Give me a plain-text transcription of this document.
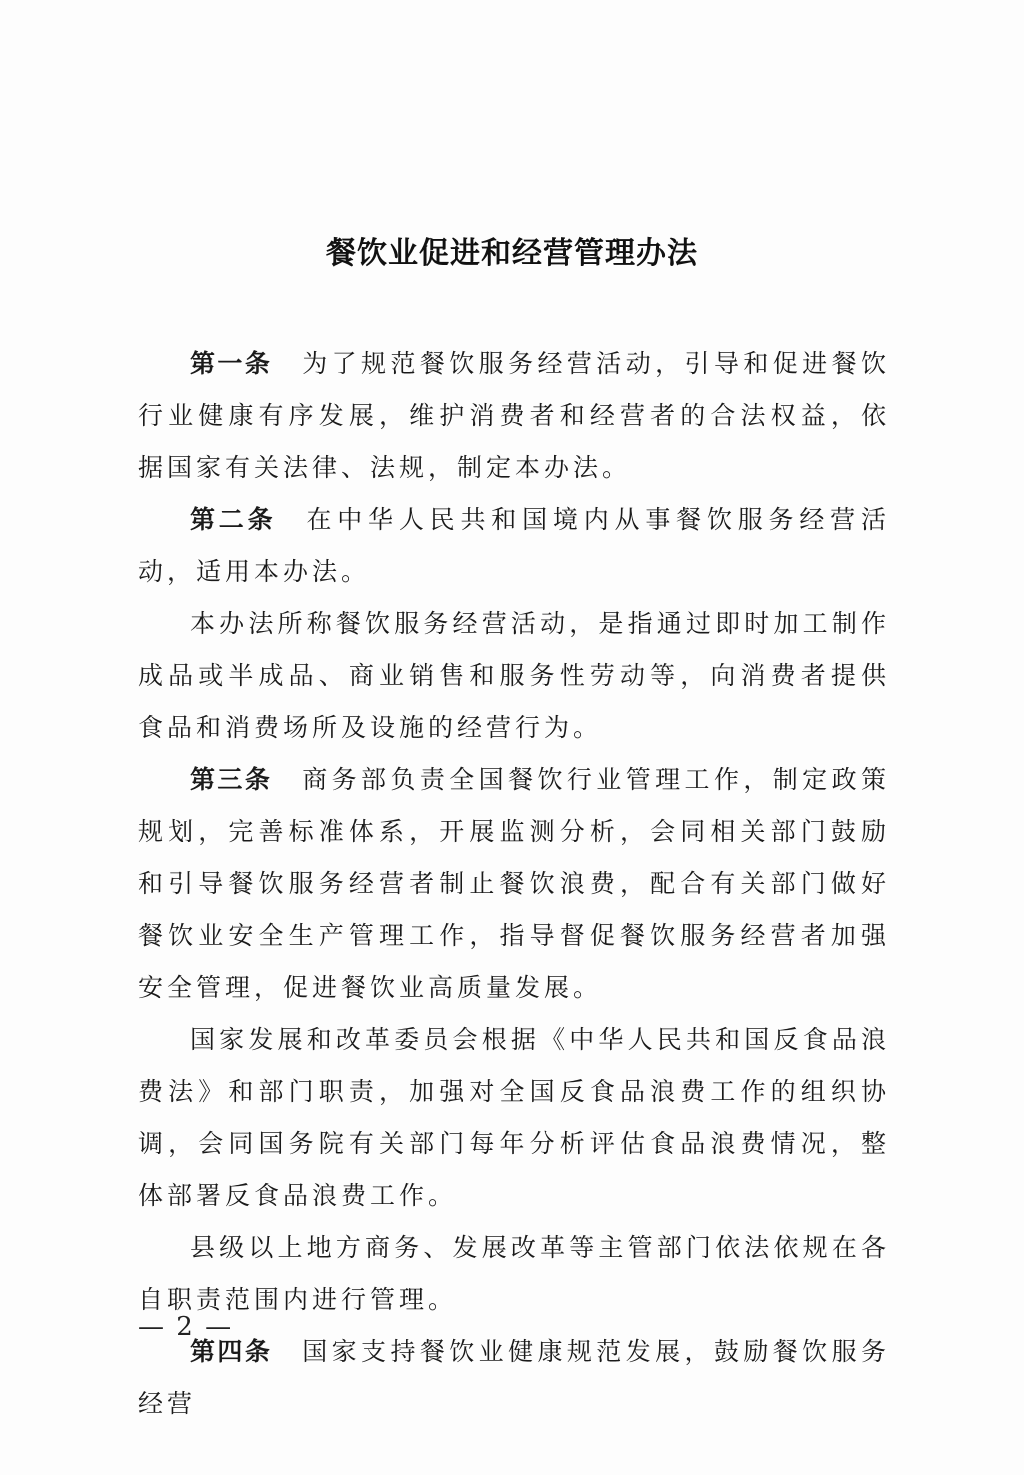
餐饮业促进和经营管理办法

第一条 为了规范餐饮服务经营活动，引导和促进餐饮行业健康有序发展，维护消费者和经营者的合法权益，依据国家有关法律、法规，制定本办法。

第二条 在中华人民共和国境内从事餐饮服务经营活动，适用本办法。

本办法所称餐饮服务经营活动，是指通过即时加工制作成品或半成品、商业销售和服务性劳动等，向消费者提供食品和消费场所及设施的经营行为。

第三条 商务部负责全国餐饮行业管理工作，制定政策规划，完善标准体系，开展监测分析，会同相关部门鼓励和引导餐饮服务经营者制止餐饮浪费，配合有关部门做好餐饮业安全生产管理工作，指导督促餐饮服务经营者加强安全管理，促进餐饮业高质量发展。

国家发展和改革委员会根据《中华人民共和国反食品浪费法》和部门职责，加强对全国反食品浪费工作的组织协调，会同国务院有关部门每年分析评估食品浪费情况，整体部署反食品浪费工作。

县级以上地方商务、发展改革等主管部门依法依规在各自职责范围内进行管理。

第四条 国家支持餐饮业健康规范发展，鼓励餐饮服务经营

— 2 —
